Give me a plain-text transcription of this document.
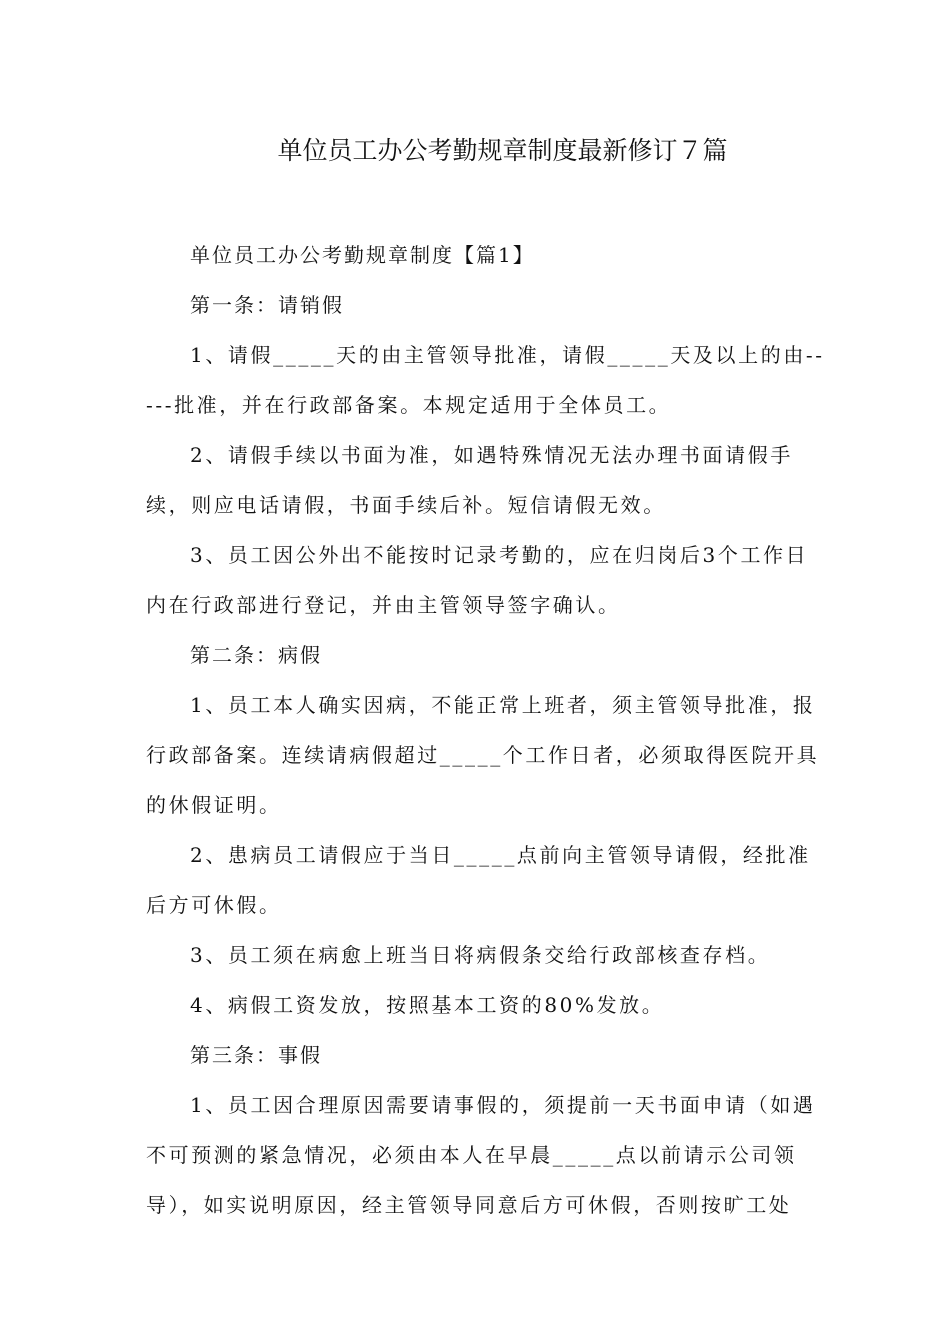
单位员工办公考勤规章制度最新修订７篇
单位员工办公考勤规章制度【篇1】
第一条：请销假
1、请假_____天的由主管领导批准，请假_____天及以上的由--
---批准，并在行政部备案。本规定适用于全体员工。
2、请假手续以书面为准，如遇特殊情况无法办理书面请假手
续，则应电话请假，书面手续后补。短信请假无效。
3、员工因公外出不能按时记录考勤的，应在归岗后3个工作日
内在行政部进行登记，并由主管领导签字确认。
第二条：病假
1、员工本人确实因病，不能正常上班者，须主管领导批准，报
行政部备案。连续请病假超过_____个工作日者，必须取得医院开具
的休假证明。
2、患病员工请假应于当日_____点前向主管领导请假，经批准
后方可休假。
3、员工须在病愈上班当日将病假条交给行政部核查存档。
4、病假工资发放，按照基本工资的80%发放。
第三条：事假
1、员工因合理原因需要请事假的，须提前一天书面申请（如遇
不可预测的紧急情况，必须由本人在早晨_____点以前请示公司领
导），如实说明原因，经主管领导同意后方可休假，否则按旷工处
